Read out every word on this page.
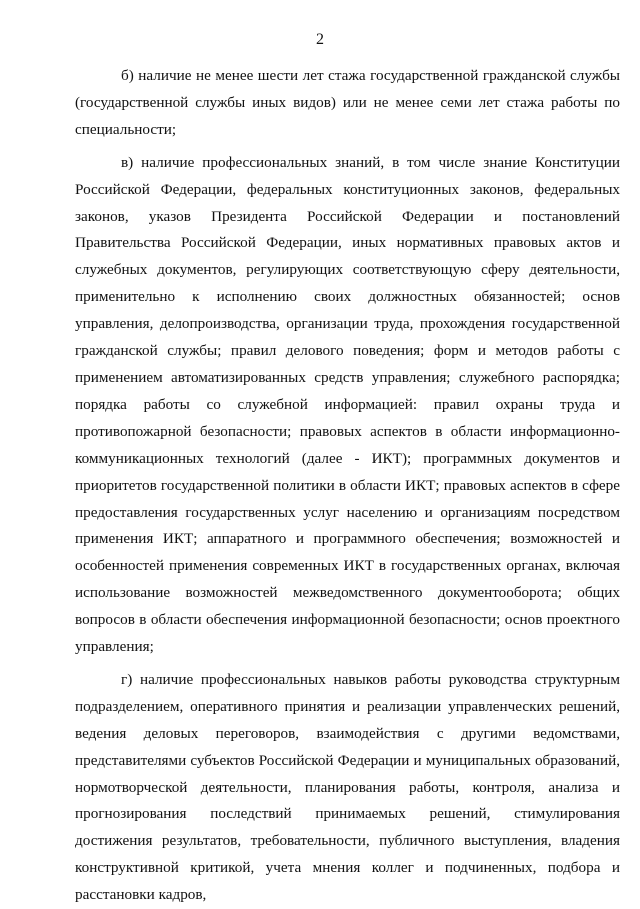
2

б) наличие не менее шести лет стажа государственной гражданской службы (государственной службы иных видов) или не менее семи лет стажа работы по специальности;

в) наличие профессиональных знаний, в том числе знание Конституции Российской Федерации, федеральных конституционных законов, федеральных законов, указов Президента Российской Федерации и постановлений Правительства Российской Федерации, иных нормативных правовых актов и служебных документов, регулирующих соответствующую сферу деятельности, применительно к исполнению своих должностных обязанностей; основ управления, делопроизводства, организации труда, прохождения государственной гражданской службы; правил делового поведения; форм и методов работы с применением автоматизированных средств управления; служебного распорядка; порядка работы со служебной информацией: правил охраны труда и противопожарной безопасности; правовых аспектов в области информационно-коммуникационных технологий (далее - ИКТ); программных документов и приоритетов государственной политики в области ИКТ; правовых аспектов в сфере предоставления государственных услуг населению и организациям посредством применения ИКТ; аппаратного и программного обеспечения; возможностей и особенностей применения современных ИКТ в государственных органах, включая использование возможностей межведомственного документооборота; общих вопросов в области обеспечения информационной безопасности; основ проектного управления;

г) наличие профессиональных навыков работы руководства структурным подразделением, оперативного принятия и реализации управленческих решений, ведения деловых переговоров, взаимодействия с другими ведомствами, представителями субъектов Российской Федерации и муниципальных образований, нормотворческой деятельности, планирования работы, контроля, анализа и прогнозирования последствий принимаемых решений, стимулирования достижения результатов, требовательности, публичного выступления, владения конструктивной критикой, учета мнения коллег и подчиненных, подбора и расстановки кадров,
